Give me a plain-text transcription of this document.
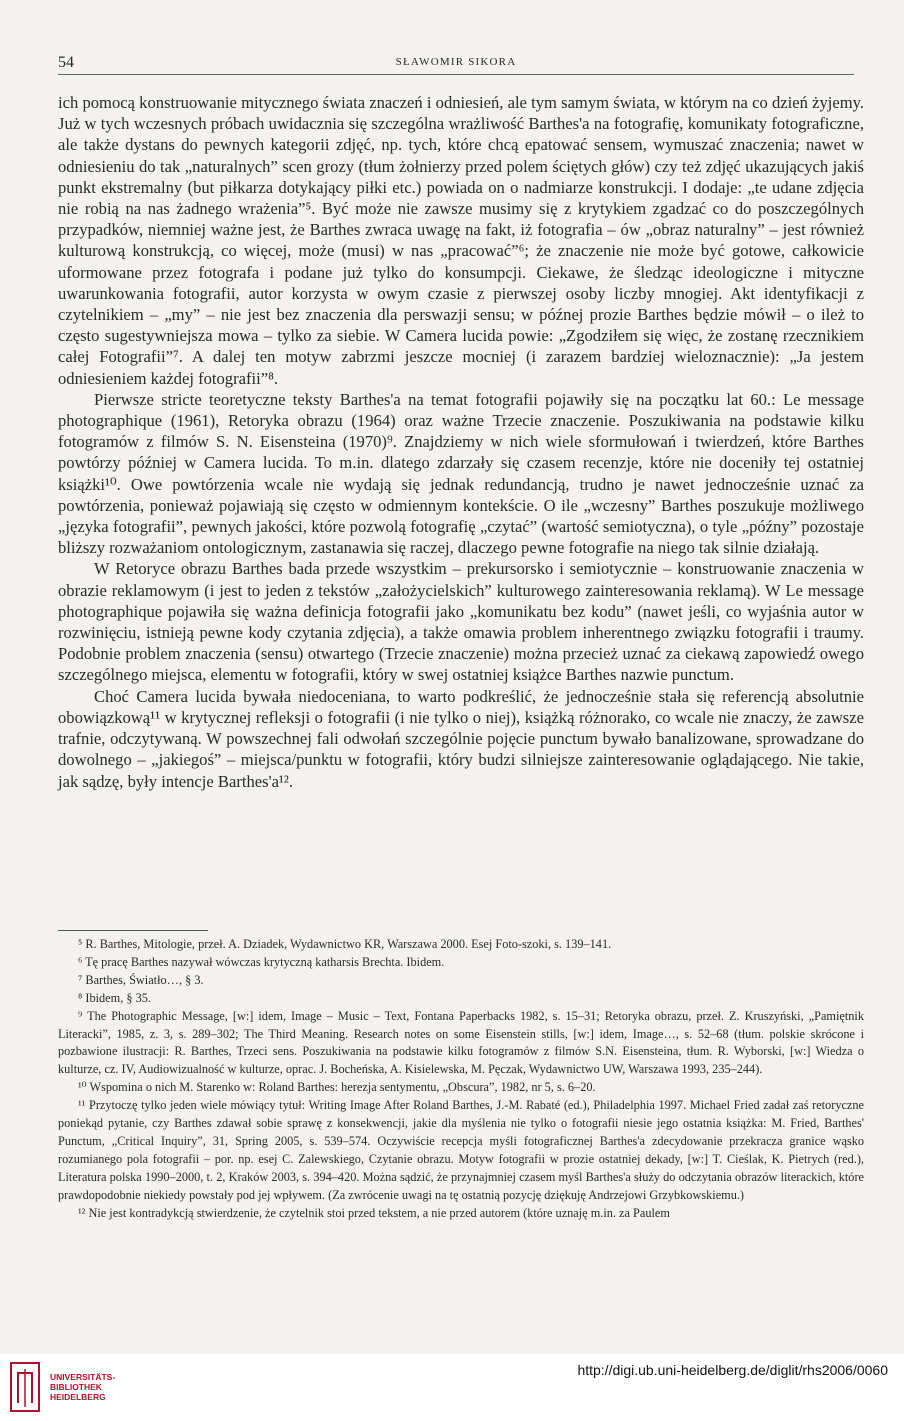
54	SŁAWOMIR SIKORA

ich pomocą konstruowanie mitycznego świata znaczeń i odniesień, ale tym samym świata, w którym na co dzień żyjemy. Już w tych wczesnych próbach uwidacznia się szczególna wrażliwość Barthes'a na fotografię, komunikaty fotograficzne, ale także dystans do pewnych kategorii zdjęć, np. tych, które chcą epatować sensem, wymuszać znaczenia; nawet w odniesieniu do tak „naturalnych” scen grozy (tłum żołnierzy przed polem ściętych głów) czy też zdjęć ukazujących jakiś punkt ekstremalny (but piłkarza dotykający piłki etc.) powiada on o nadmiarze konstrukcji. I dodaje: „te udane zdjęcia nie robią na nas żadnego wrażenia”⁵. Być może nie zawsze musimy się z krytykiem zgadzać co do poszczególnych przypadków, niemniej ważne jest, że Barthes zwraca uwagę na fakt, iż fotografia – ów „obraz naturalny” – jest również kulturową konstrukcją, co więcej, może (musi) w nas „pracować”⁶; że znaczenie nie może być gotowe, całkowicie uformowane przez fotografa i podane już tylko do konsumpcji. Ciekawe, że śledząc ideologiczne i mityczne uwarunkowania fotografii, autor korzysta w owym czasie z pierwszej osoby liczby mnogiej. Akt identyfikacji z czytelnikiem – „my” – nie jest bez znaczenia dla perswazji sensu; w późnej prozie Barthes będzie mówił – o ileż to często sugestywniejsza mowa – tylko za siebie. W Camera lucida powie: „Zgodziłem się więc, że zostanę rzecznikiem całej Fotografii”⁷. A dalej ten motyw zabrzmi jeszcze mocniej (i zarazem bardziej wieloznacznie): „Ja jestem odniesieniem każdej fotografii”⁸.

Pierwsze stricte teoretyczne teksty Barthes'a na temat fotografii pojawiły się na początku lat 60.: Le message photographique (1961), Retoryka obrazu (1964) oraz ważne Trzecie znaczenie. Poszukiwania na podstawie kilku fotogramów z filmów S. N. Eisensteina (1970)⁹. Znajdziemy w nich wiele sformułowań i twierdzeń, które Barthes powtórzy później w Camera lucida. To m.in. dlatego zdarzały się czasem recenzje, które nie doceniły tej ostatniej książki¹⁰. Owe powtórzenia wcale nie wydają się jednak redundancją, trudno je nawet jednocześnie uznać za powtórzenia, ponieważ pojawiają się często w odmiennym kontekście. O ile „wczesny” Barthes poszukuje możliwego „języka fotografii”, pewnych jakości, które pozwolą fotografię „czytać” (wartość semiotyczna), o tyle „późny” pozostaje bliższy rozważaniom ontologicznym, zastanawia się raczej, dlaczego pewne fotografie na niego tak silnie działają.

W Retoryce obrazu Barthes bada przede wszystkim – prekursorsko i semiotycznie – konstruowanie znaczenia w obrazie reklamowym (i jest to jeden z tekstów „założycielskich” kulturowego zainteresowania reklamą). W Le message photographique pojawiła się ważna definicja fotografii jako „komunikatu bez kodu” (nawet jeśli, co wyjaśnia autor w rozwinięciu, istnieją pewne kody czytania zdjęcia), a także omawia problem inherentnego związku fotografii i traumy. Podobnie problem znaczenia (sensu) otwartego (Trzecie znaczenie) można przecież uznać za ciekawą zapowiedź owego szczególnego miejsca, elementu w fotografii, który w swej ostatniej książce Barthes nazwie punctum.

Choć Camera lucida bywała niedoceniana, to warto podkreślić, że jednocześnie stała się referencją absolutnie obowiązkową¹¹ w krytycznej refleksji o fotografii (i nie tylko o niej), książką różnorako, co wcale nie znaczy, że zawsze trafnie, odczytywaną. W powszechnej fali odwołań szczególnie pojęcie punctum bywało banalizowane, sprowadzane do dowolnego – „jakiegoś” – miejsca/punktu w fotografii, który budzi silniejsze zainteresowanie oglądającego. Nie takie, jak sądzę, były intencje Barthes'a¹².

⁵ R. Barthes, Mitologie, przeł. A. Dziadek, Wydawnictwo KR, Warszawa 2000. Esej Foto-szoki, s. 139–141.

⁶ Tę pracę Barthes nazywał wówczas krytyczną katharsis Brechta. Ibidem.

⁷ Barthes, Światło…, § 3.

⁸ Ibidem, § 35.

⁹ The Photographic Message, [w:] idem, Image – Music – Text, Fontana Paperbacks 1982, s. 15–31; Retoryka obrazu, przeł. Z. Kruszyński, „Pamiętnik Literacki”, 1985, z. 3, s. 289–302; The Third Meaning. Research notes on some Eisenstein stills, [w:] idem, Image…, s. 52–68 (tłum. polskie skrócone i pozbawione ilustracji: R. Barthes, Trzeci sens. Poszukiwania na podstawie kilku fotogramów z filmów S.N. Eisensteina, tłum. R. Wyborski, [w:] Wiedza o kulturze, cz. IV, Audiowizualność w kulturze, oprac. J. Bocheńska, A. Kisielewska, M. Pęczak, Wydawnictwo UW, Warszawa 1993, 235–244).

¹⁰ Wspomina o nich M. Starenko w: Roland Barthes: herezja sentymentu, „Obscura”, 1982, nr 5, s. 6–20.

¹¹ Przytoczę tylko jeden wiele mówiący tytuł: Writing Image After Roland Barthes, J.-M. Rabaté (ed.), Philadelphia 1997. Michael Fried zadał zaś retoryczne poniekąd pytanie, czy Barthes zdawał sobie sprawę z konsekwencji, jakie dla myślenia nie tylko o fotografii niesie jego ostatnia książka: M. Fried, Barthes' Punctum, „Critical Inquiry”, 31, Spring 2005, s. 539–574. Oczywiście recepcja myśli fotograficznej Barthes'a zdecydowanie przekracza granice wąsko rozumianego pola fotografii – por. np. esej C. Zalewskiego, Czytanie obrazu. Motyw fotografii w prozie ostatniej dekady, [w:] T. Cieślak, K. Pietrych (red.), Literatura polska 1990–2000, t. 2, Kraków 2003, s. 394–420. Można sądzić, że przynajmniej czasem myśl Barthes'a służy do odczytania obrazów literackich, które prawdopodobnie niekiedy powstały pod jej wpływem. (Za zwrócenie uwagi na tę ostatnią pozycję dziękuję Andrzejowi Grzybkowskiemu.)

¹² Nie jest kontradykcją stwierdzenie, że czytelnik stoi przed tekstem, a nie przed autorem (które uznaję m.in. za Paulem

UNIVERSITÄTS-
BIBLIOTHEK
HEIDELBERG
http://digi.ub.uni-heidelberg.de/diglit/rhs2006/0060
